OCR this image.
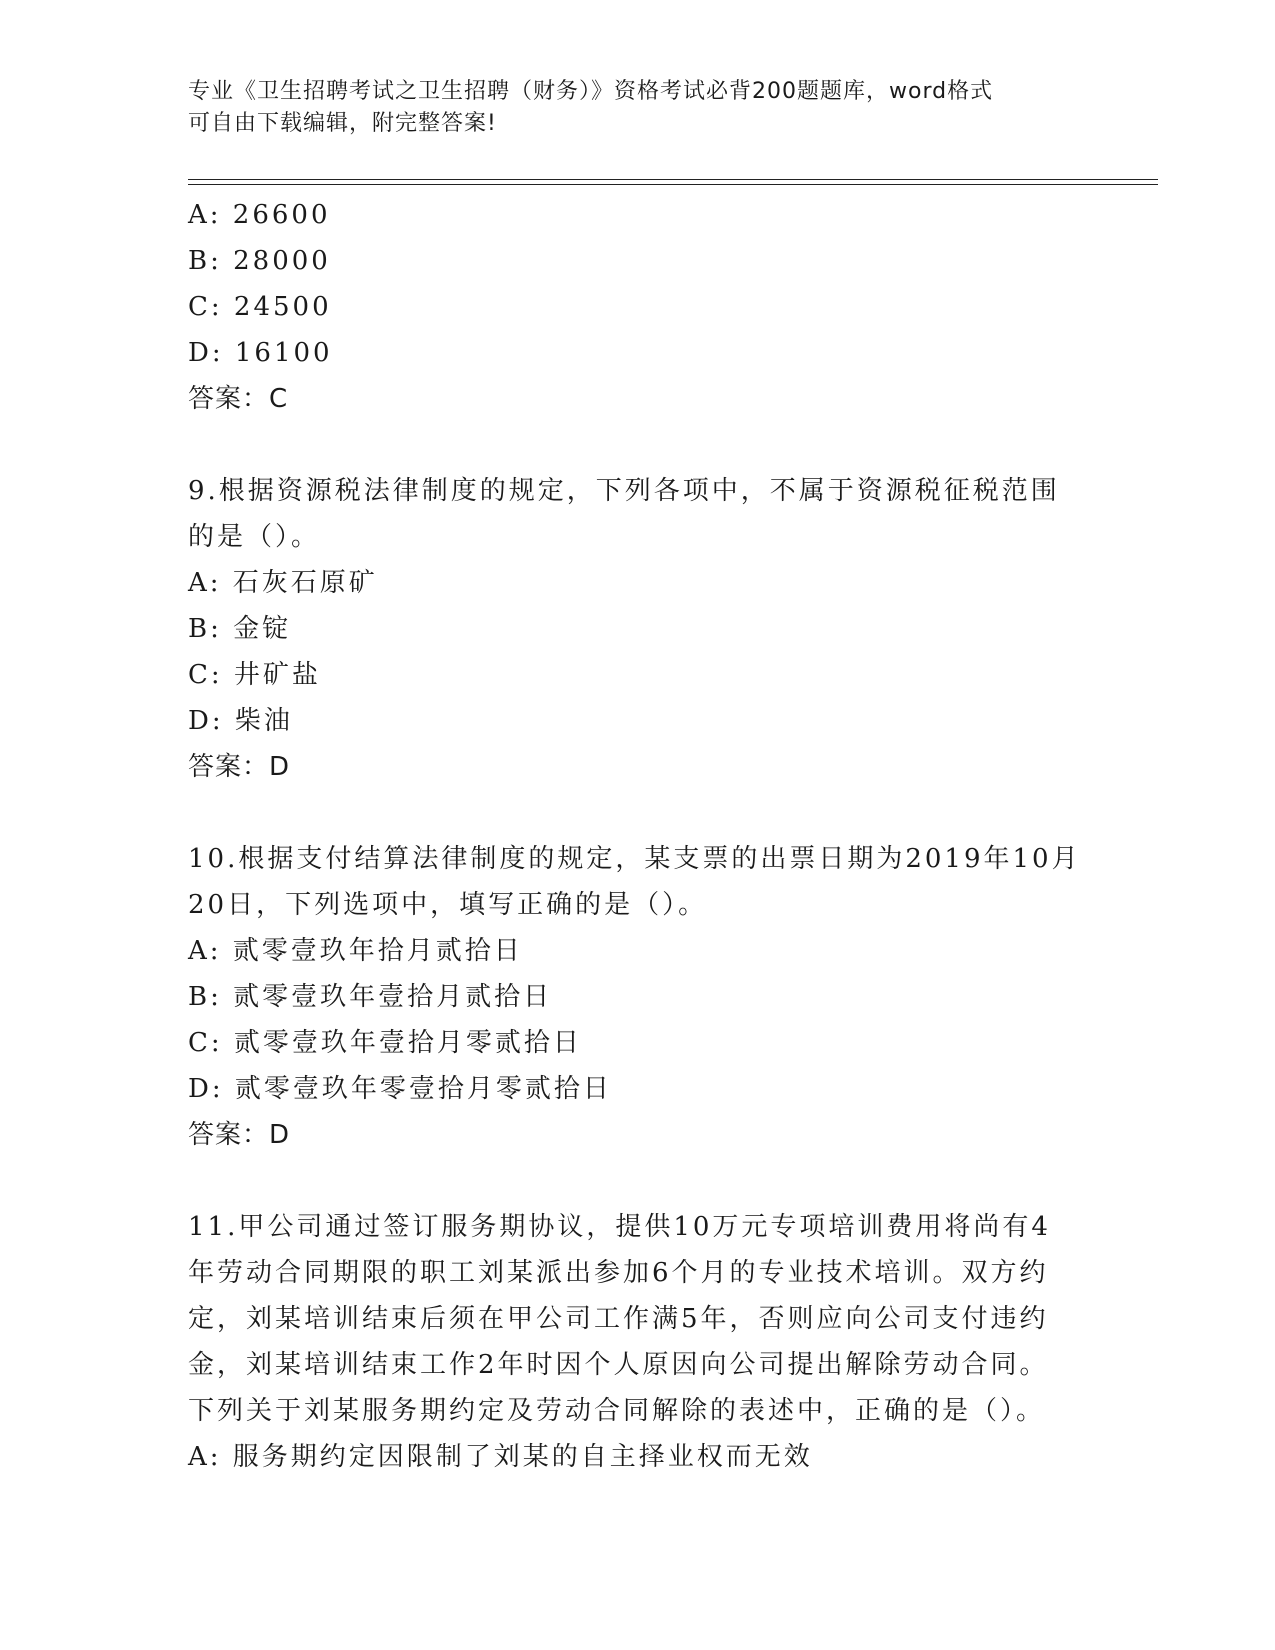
专业《卫生招聘考试之卫生招聘（财务）》资格考试必背200题题库，word格式
可自由下载编辑，附完整答案!
A: 26600
B: 28000
C: 24500
D: 16100
答案：C
9.根据资源税法律制度的规定，下列各项中，不属于资源税征税范围
的是（）。
A: 石灰石原矿
B: 金锭
C: 井矿盐
D: 柴油
答案：D
10.根据支付结算法律制度的规定，某支票的出票日期为2019年10月
20日，下列选项中，填写正确的是（）。
A: 贰零壹玖年拾月贰拾日
B: 贰零壹玖年壹拾月贰拾日
C: 贰零壹玖年壹拾月零贰拾日
D: 贰零壹玖年零壹拾月零贰拾日
答案：D
11.甲公司通过签订服务期协议，提供10万元专项培训费用将尚有4
年劳动合同期限的职工刘某派出参加6个月的专业技术培训。双方约
定，刘某培训结束后须在甲公司工作满5年，否则应向公司支付违约
金，刘某培训结束工作2年时因个人原因向公司提出解除劳动合同。
下列关于刘某服务期约定及劳动合同解除的表述中，正确的是（）。
A: 服务期约定因限制了刘某的自主择业权而无效
